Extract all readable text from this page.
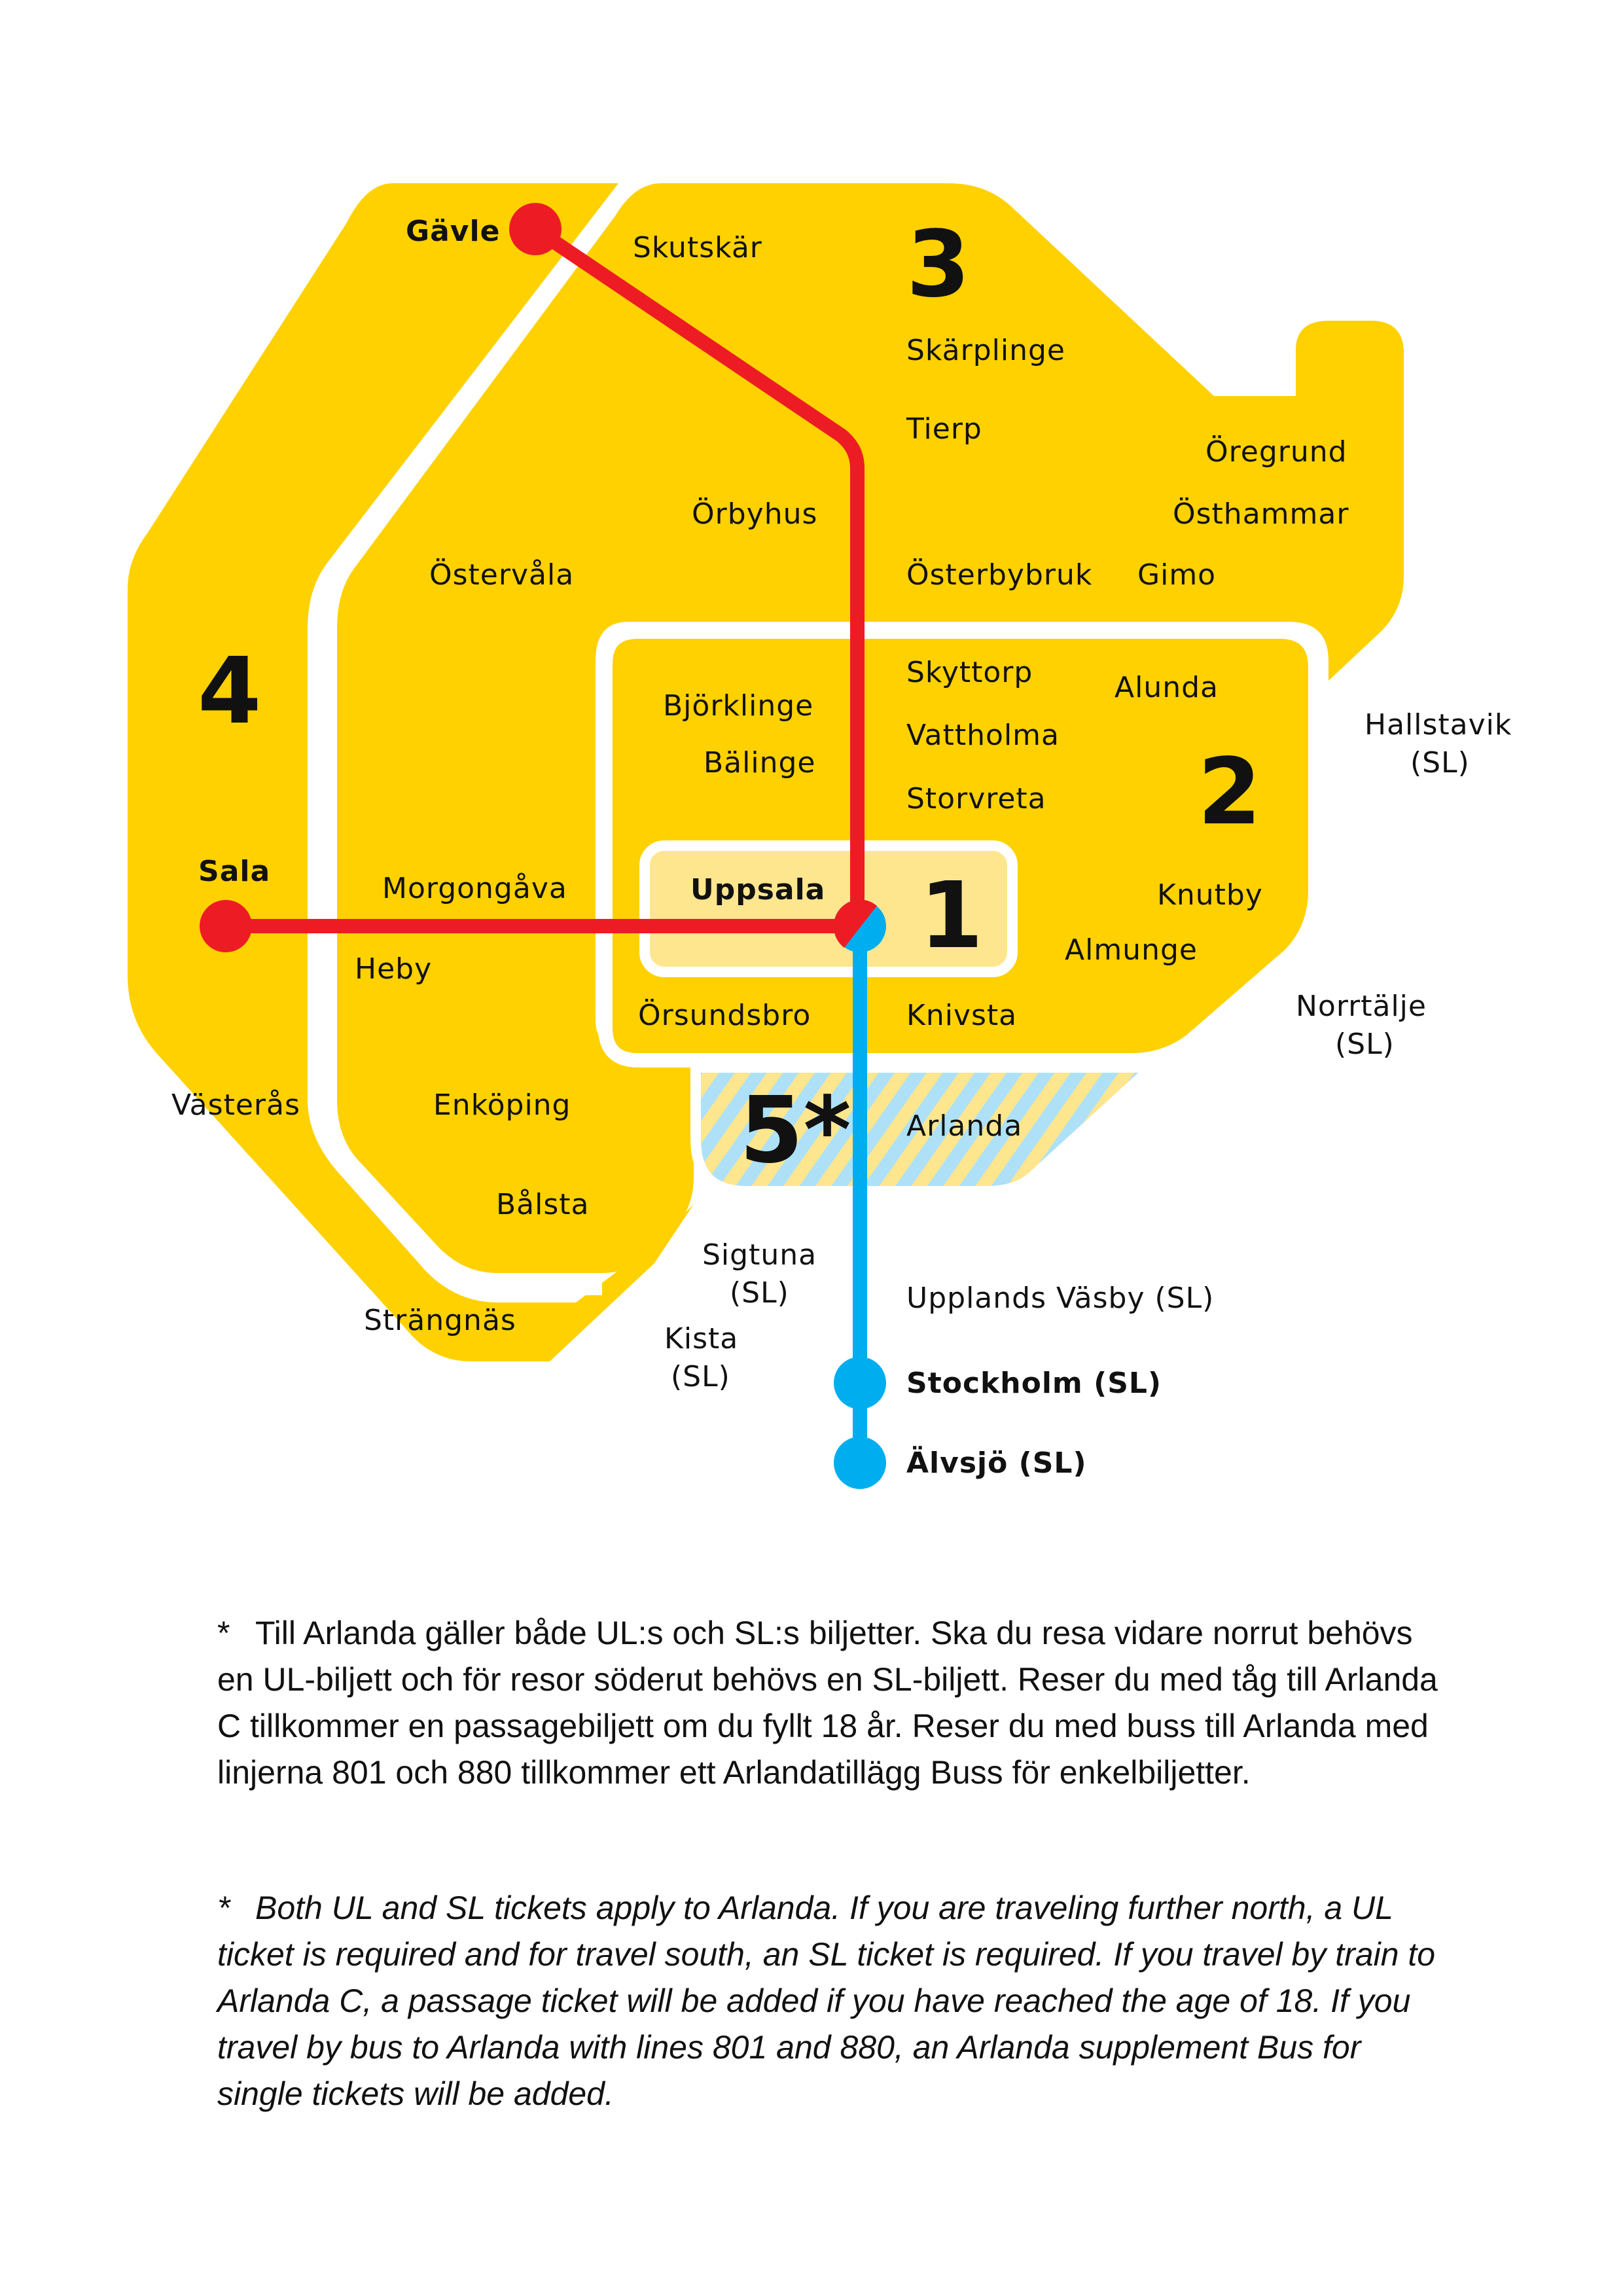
3
4
2
1
5*
Gävle	Skutskär
Skärplinge
Tierp
Öregrund
Östhammar
Örbyhus
Östervåla	Österbybruk Gimo
Skyttorp	Alunda
Björklinge
Vattholma
Bälinge
Storvreta
Hallstavik
(SL)
Sala
Morgongåva	Uppsala	Knutby
Almunge
Heby
Örsundsbro	Knivsta	Norrtälje
(SL)
Västerås	Enköping
Arlanda
Bålsta
Sigtuna
(SL)	Upplands Väsby (SL)
Strängnäs
Kista
(SL)	Stockholm (SL)
Älvsjö (SL)
* Till Arlanda gäller både UL:s och SL:s biljetter. Ska du resa vidare norrut behövs en UL-biljett och för resor söderut behövs en SL-biljett. Reser du med tåg till Arlanda C tillkommer en passagebiljett om du fyllt 18 år. Reser du med buss till Arlanda med linjerna 801 och 880 tillkommer ett Arlandatillägg Buss för enkelbiljetter.
* Both UL and SL tickets apply to Arlanda. If you are traveling further north, a UL ticket is required and for travel south, an SL ticket is required. If you travel by train to Arlanda C, a passage ticket will be added if you have reached the age of 18. If you travel by bus to Arlanda with lines 801 and 880, an Arlanda supplement Bus for single tickets will be added.
